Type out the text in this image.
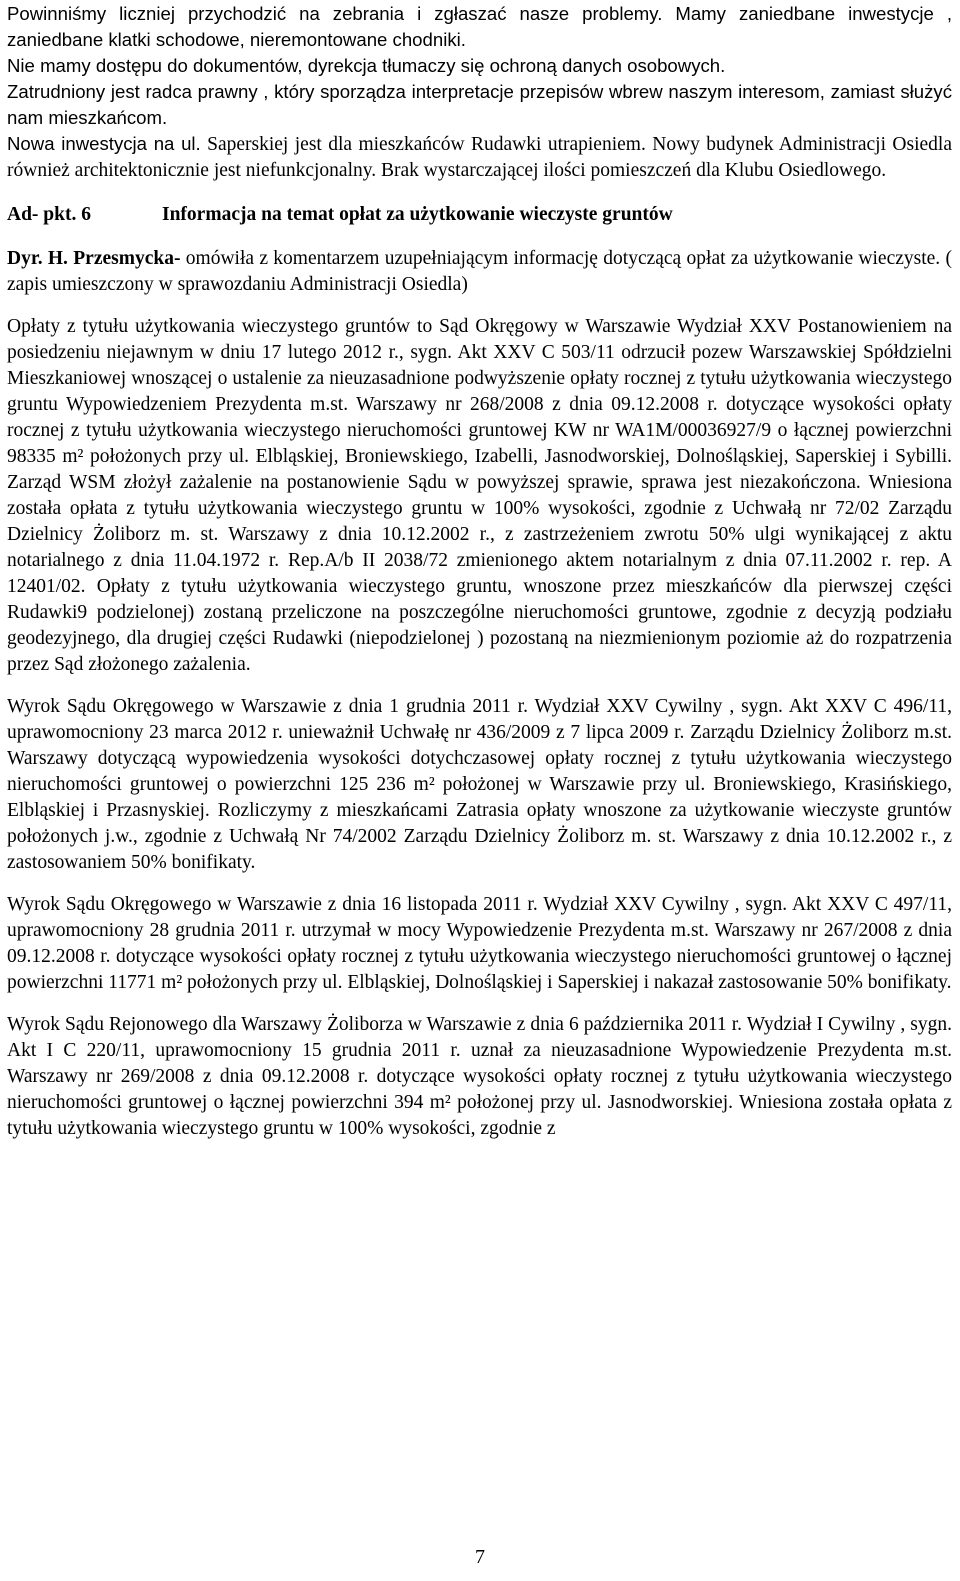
Powinniśmy liczniej przychodzić na zebrania i zgłaszać nasze problemy. Mamy zaniedbane inwestycje , zaniedbane klatki schodowe, nieremontowane chodniki.

Nie mamy dostępu do dokumentów, dyrekcja tłumaczy się ochroną danych osobowych.

Zatrudniony jest radca prawny , który sporządza interpretacje przepisów wbrew naszym interesom, zamiast służyć nam mieszkańcom.

Nowa inwestycja na ul. Saperskiej jest dla mieszkańców Rudawki utrapieniem. Nowy budynek Administracji Osiedla również architektonicznie jest niefunkcjonalny. Brak wystarczającej ilości pomieszczeń dla Klubu Osiedlowego.

Ad- pkt. 6	Informacja na temat opłat za użytkowanie wieczyste gruntów

Dyr. H. Przesmycka- omówiła z komentarzem uzupełniającym informację dotyczącą opłat za użytkowanie wieczyste. ( zapis umieszczony w sprawozdaniu Administracji Osiedla)

Opłaty z tytułu użytkowania wieczystego gruntów to Sąd Okręgowy w Warszawie Wydział XXV Postanowieniem na posiedzeniu niejawnym w dniu 17 lutego 2012 r., sygn. Akt XXV C 503/11 odrzucił pozew Warszawskiej Spółdzielni Mieszkaniowej wnoszącej o ustalenie za nieuzasadnione podwyższenie opłaty rocznej z tytułu użytkowania wieczystego gruntu Wypowiedzeniem Prezydenta m.st. Warszawy nr 268/2008 z dnia 09.12.2008 r. dotyczące wysokości opłaty rocznej z tytułu użytkowania wieczystego nieruchomości gruntowej KW nr WA1M/00036927/9 o łącznej powierzchni 98335 m² położonych przy ul. Elbląskiej, Broniewskiego, Izabelli, Jasnodworskiej, Dolnośląskiej, Saperskiej i Sybilli. Zarząd WSM złożył zażalenie na postanowienie Sądu w powyższej sprawie, sprawa jest niezakończona. Wniesiona została opłata z tytułu użytkowania wieczystego gruntu w 100% wysokości, zgodnie z Uchwałą nr 72/02 Zarządu Dzielnicy Żoliborz m. st. Warszawy z dnia 10.12.2002 r., z zastrzeżeniem zwrotu 50% ulgi wynikającej z aktu notarialnego z dnia 11.04.1972 r. Rep.A/b II 2038/72 zmienionego aktem notarialnym z dnia 07.11.2002 r. rep. A 12401/02. Opłaty z tytułu użytkowania wieczystego gruntu, wnoszone przez mieszkańców dla pierwszej części Rudawki9 podzielonej) zostaną przeliczone na poszczególne nieruchomości gruntowe, zgodnie z decyzją podziału geodezyjnego, dla drugiej części Rudawki (niepodzielonej ) pozostaną na niezmienionym poziomie aż do rozpatrzenia przez Sąd złożonego zażalenia.

Wyrok Sądu Okręgowego w Warszawie z dnia 1 grudnia 2011 r. Wydział XXV Cywilny , sygn. Akt XXV C 496/11, uprawomocniony 23 marca 2012 r. unieważnił Uchwałę nr 436/2009 z 7 lipca 2009 r. Zarządu Dzielnicy Żoliborz m.st. Warszawy dotyczącą wypowiedzenia wysokości dotychczasowej opłaty rocznej z tytułu użytkowania wieczystego nieruchomości gruntowej o powierzchni 125 236 m² położonej w Warszawie przy ul. Broniewskiego, Krasińskiego, Elbląskiej i Przasnyskiej. Rozliczymy z mieszkańcami Zatrasia opłaty wnoszone za użytkowanie wieczyste gruntów położonych j.w., zgodnie z Uchwałą Nr 74/2002 Zarządu Dzielnicy Żoliborz m. st. Warszawy z dnia 10.12.2002 r., z zastosowaniem 50% bonifikaty.

Wyrok Sądu Okręgowego w Warszawie z dnia 16 listopada 2011 r. Wydział XXV Cywilny , sygn. Akt XXV C 497/11, uprawomocniony 28 grudnia 2011 r. utrzymał w mocy Wypowiedzenie Prezydenta m.st. Warszawy nr 267/2008 z dnia 09.12.2008 r. dotyczące wysokości opłaty rocznej z tytułu użytkowania wieczystego nieruchomości gruntowej o łącznej powierzchni 11771 m² położonych przy ul. Elbląskiej, Dolnośląskiej i Saperskiej i nakazał zastosowanie 50% bonifikaty.

Wyrok Sądu Rejonowego dla Warszawy Żoliborza w Warszawie z dnia 6 października 2011 r. Wydział I Cywilny , sygn. Akt I C 220/11, uprawomocniony 15 grudnia 2011 r. uznał za nieuzasadnione Wypowiedzenie Prezydenta m.st. Warszawy nr 269/2008 z dnia 09.12.2008 r. dotyczące wysokości opłaty rocznej z tytułu użytkowania wieczystego nieruchomości gruntowej o łącznej powierzchni 394 m² położonej przy ul. Jasnodworskiej. Wniesiona została opłata z tytułu użytkowania wieczystego gruntu w 100% wysokości, zgodnie z

7
